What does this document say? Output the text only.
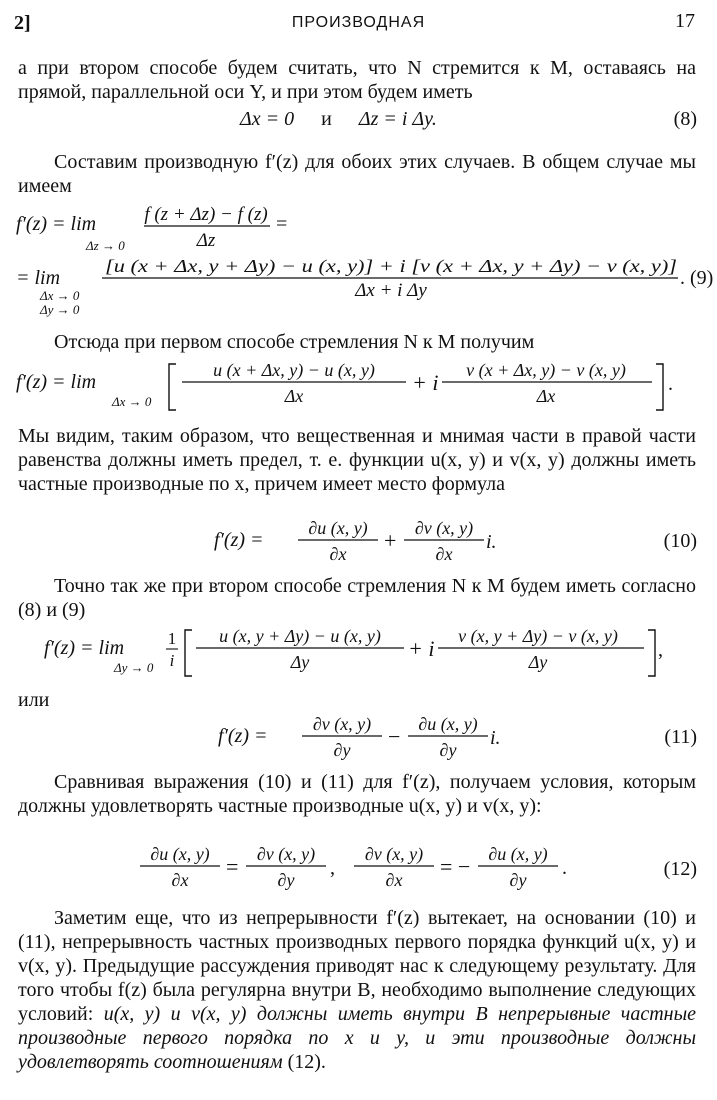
2]	ПРОИЗВОДНАЯ	17
а при втором способе будем считать, что N стремится к M, оставаясь на прямой, параллельной оси Y, и при этом будем иметь
Δx = 0 и Δz = i Δy.	(8)
Составим производную f′(z) для обоих этих случаев. В общем случае мы имеем
f′(z) = lim
Δz → 0
f (z + Δz) − f (z)
Δz
=
= lim
Δx → 0
Δy → 0
[u (x + Δx, y + Δy) − u (x, y)] + i [v (x + Δx, y + Δy) − v (x, y)]
Δx + i Δy
. (9)
Отсюда при первом способе стремления N к M получим
f′(z) = lim
Δx → 0
u (x + Δx, y) − u (x, y)
Δx
+ i v (x + Δx, y) − v (x, y)
Δx
.
Мы видим, таким образом, что вещественная и мнимая части в правой части равенства должны иметь предел, т. е. функции u(x, y) и v(x, y) должны иметь частные производные по x, причем имеет место формула
f′(z) =
∂u (x, y)
∂x
+ ∂v (x, y)
∂x
i.	(10)
Точно так же при втором способе стремления N к M будем иметь согласно (8) и (9)
f′(z) = lim
Δy → 0
1
i
u (x, y + Δy) − u (x, y)
Δy
+ i v (x, y + Δy) − v (x, y)
Δy
,
или
f′(z) =
∂v (x, y)
∂y
− ∂u (x, y)
∂y
i.	(11)
Сравнивая выражения (10) и (11) для f′(z), получаем условия, которым должны удовлетворять частные производные u(x, y) и v(x, y):
∂u (x, y)
∂x
= ∂v (x, y)
∂y
,
∂v (x, y)
∂x
= − ∂u (x, y)
∂y
.	(12)
Заметим еще, что из непрерывности f′(z) вытекает, на основании (10) и (11), непрерывность частных производных первого порядка функций u(x, y) и v(x, y). Предыдущие рассуждения приводят нас к следующему результату. Для того чтобы f(z) была регулярна внутри B, необходимо выполнение следующих условий: u(x, y) и v(x, y) должны иметь внутри B непрерывные частные производные первого порядка по x и y, и эти производные должны удовлетворять соотношениям (12).
